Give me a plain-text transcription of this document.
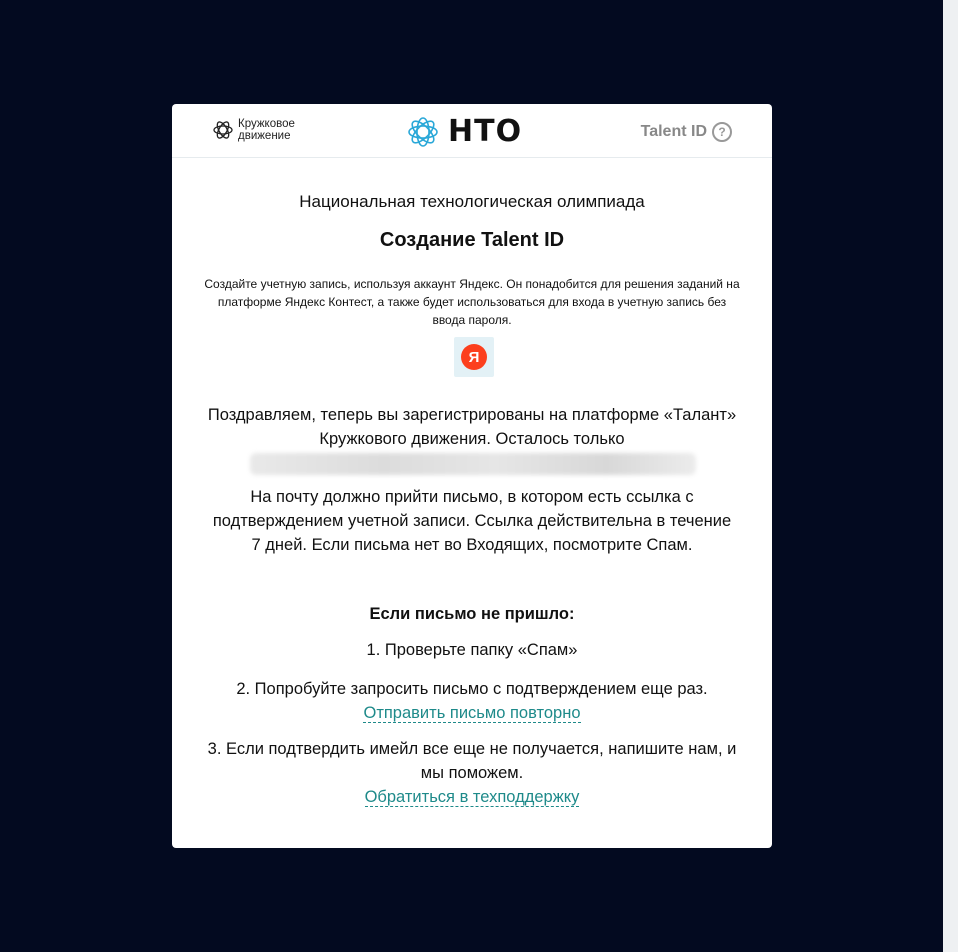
Кружковое
движение	НТО	Talent ID ?
Национальная технологическая олимпиада
Создание Talent ID
Создайте учетную запись, используя аккаунт Яндекс. Он понадобится для решения заданий на платформе Яндекс Контест, а также будет использоваться для входа в учетную запись без ввода пароля.
Я
Поздравляем, теперь вы зарегистрированы на платформе «Талант» Кружкового движения. Осталось только
На почту должно прийти письмо, в котором есть ссылка с подтверждением учетной записи. Ссылка действительна в течение 7 дней. Если письма нет во Входящих, посмотрите Спам.
Если письмо не пришло:
1. Проверьте папку «Спам»
2. Попробуйте запросить письмо с подтверждением еще раз.
Отправить письмо повторно
3. Если подтвердить имейл все еще не получается, напишите нам, и мы поможем.
Обратиться в техподдержку
